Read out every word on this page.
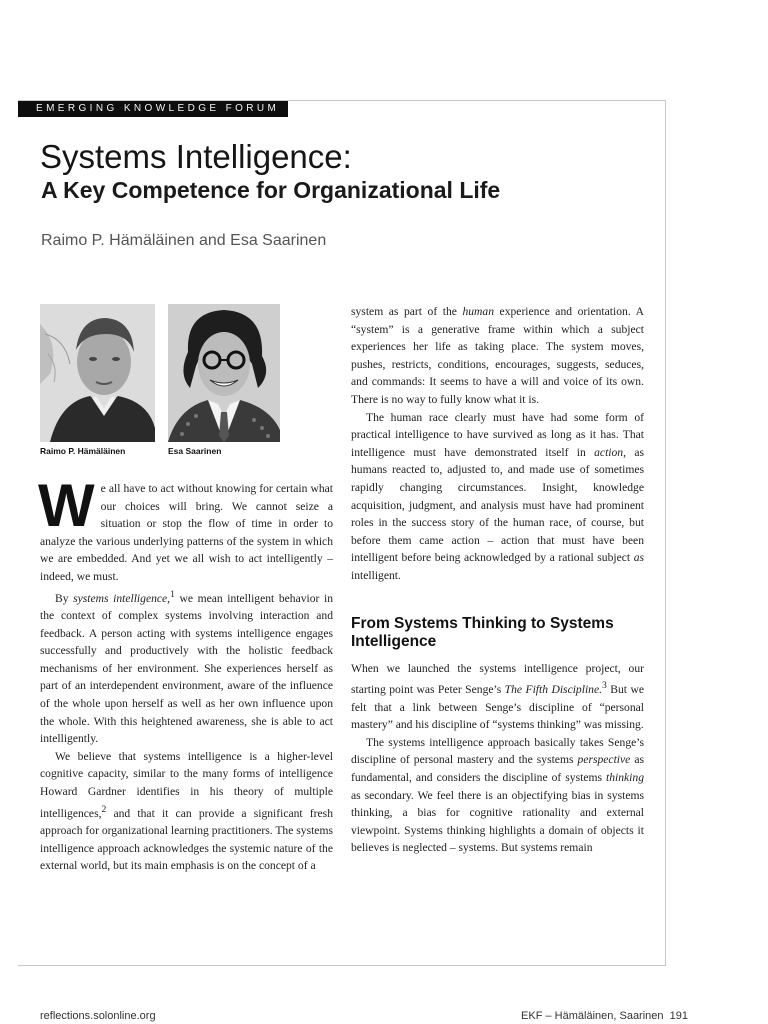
EMERGING KNOWLEDGE FORUM
Systems Intelligence:
A Key Competence for Organizational Life
Raimo P. Hämäläinen and Esa Saarinen
Raimo P. Hämäläinen	Esa Saarinen

We all have to act without knowing for certain what our choices will bring. We cannot seize a situation or stop the flow of time in order to analyze the various underlying patterns of the system in which we are embedded. And yet we all wish to act intelligently – indeed, we must.

By systems intelligence,$^1$ we mean intelligent behavior in the context of complex systems involving interaction and feedback. A person acting with systems intelligence engages successfully and productively with the holistic feedback mechanisms of her environment. She experiences herself as part of an interdependent environment, aware of the influence of the whole upon herself as well as her own influence upon the whole. With this heightened awareness, she is able to act intelligently.

We believe that systems intelligence is a higher-level cognitive capacity, similar to the many forms of intelligence Howard Gardner identifies in his theory of multiple intelligences,$^2$ and that it can provide a significant fresh approach for organizational learning practitioners. The systems intelligence approach acknowledges the systemic nature of the external world, but its main emphasis is on the concept of a

system as part of the human experience and orientation. A “system” is a generative frame within which a subject experiences her life as taking place. The system moves, pushes, restricts, conditions, encourages, suggests, seduces, and commands: It seems to have a will and voice of its own. There is no way to fully know what it is.

The human race clearly must have had some form of practical intelligence to have survived as long as it has. That intelligence must have demonstrated itself in action, as humans reacted to, adjusted to, and made use of sometimes rapidly changing circumstances. Insight, knowledge acquisition, judgment, and analysis must have had prominent roles in the success story of the human race, of course, but before them came action – action that must have been intelligent before being acknowledged by a rational subject as intelligent.

From Systems Thinking to Systems Intelligence

When we launched the systems intelligence project, our starting point was Peter Senge’s The Fifth Discipline.$^3$ But we felt that a link between Senge’s discipline of “personal mastery” and his discipline of “systems thinking” was missing.

The systems intelligence approach basically takes Senge’s discipline of personal mastery and the systems perspective as fundamental, and considers the discipline of systems thinking as secondary. We feel there is an objectifying bias in systems thinking, a bias for cognitive rationality and external viewpoint. Systems thinking highlights a domain of objects it believes is neglected – systems. But systems remain

reflections.solonline.org	EKF – Hämäläinen, Saarinen 191
